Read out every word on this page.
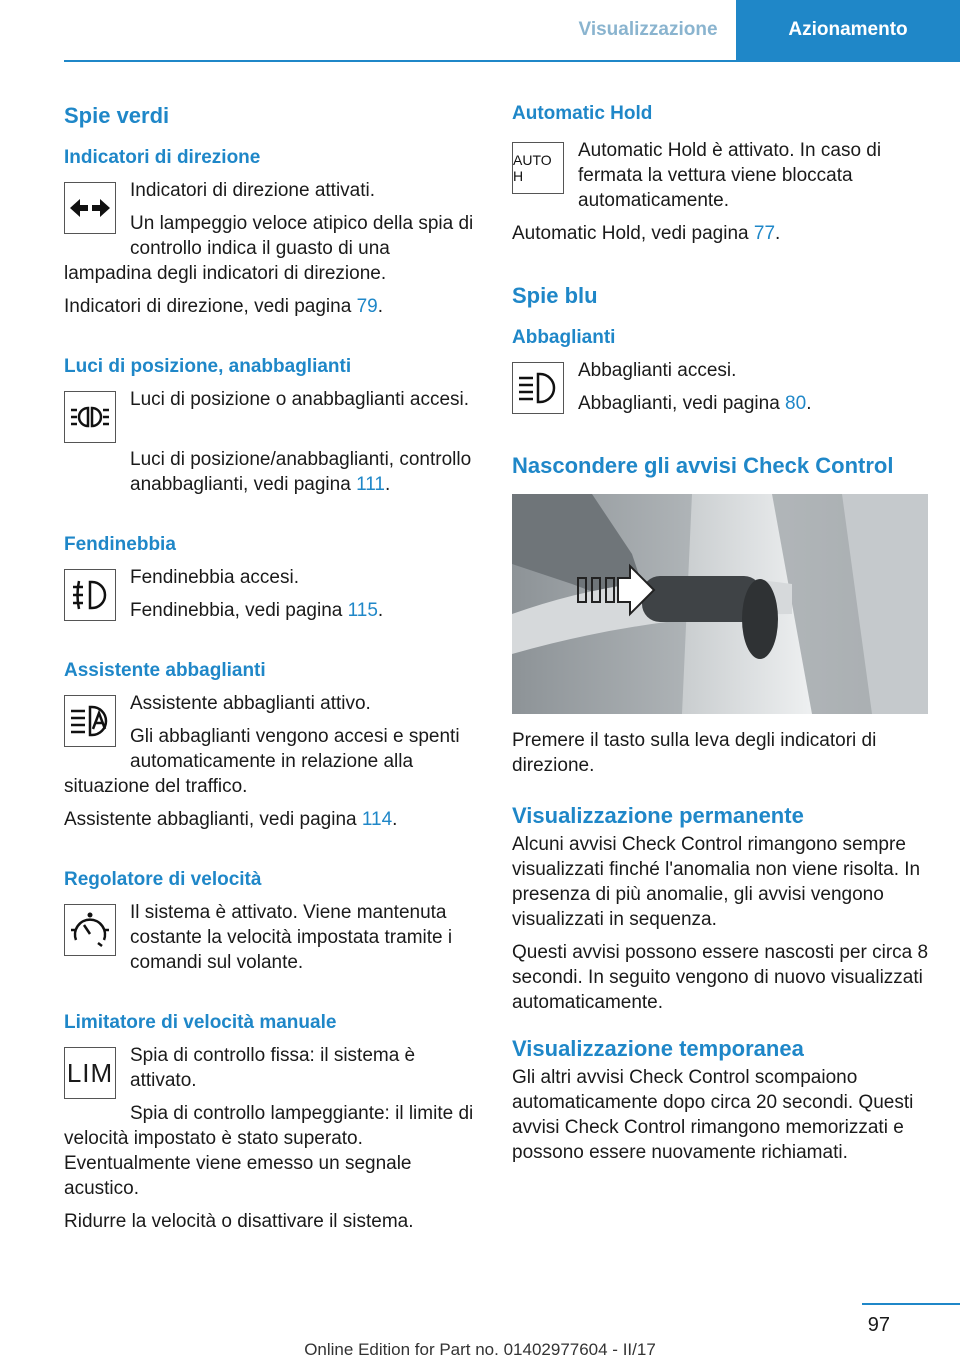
Visualizzazione	Azionamento
Spie verdi
Indicatori di direzione

Indicatori di direzione attivati.

Un lampeggio veloce atipico della spia di controllo indica il guasto di una lampadina degli indicatori di direzione.

Indicatori di direzione, vedi pagina 79.

Luci di posizione, anabbaglianti

Luci di posizione o anabbaglianti accesi.

Luci di posizione/anabbaglianti, controllo anabbaglianti, vedi pagina 111.

Fendinebbia

Fendinebbia accesi.

Fendinebbia, vedi pagina 115.

Assistente abbaglianti

Assistente abbaglianti attivo.

Gli abbaglianti vengono accesi e spenti automaticamente in relazione alla situazione del traffico.

Assistente abbaglianti, vedi pagina 114.

Regolatore di velocità

Il sistema è attivato. Viene mantenuta costante la velocità impostata tramite i comandi sul volante.

Limitatore di velocità manuale
LIM

Spia di controllo fissa: il sistema è attivato.

Spia di controllo lampeggiante: il limite di velocità impostato è stato superato. Eventualmente viene emesso un segnale acustico.

Ridurre la velocità o disattivare il sistema.

Automatic Hold
AUTO H

Automatic Hold è attivato. In caso di fermata la vettura viene bloccata automaticamente.

Automatic Hold, vedi pagina 77.

Spie blu
Abbaglianti

Abbaglianti accesi.

Abbaglianti, vedi pagina 80.

Nascondere gli avvisi Check Control

Premere il tasto sulla leva degli indicatori di direzione.

Visualizzazione permanente

Alcuni avvisi Check Control rimangono sempre visualizzati finché l'anomalia non viene risolta. In presenza di più anomalie, gli avvisi vengono visualizzati in sequenza.

Questi avvisi possono essere nascosti per circa 8 secondi. In seguito vengono di nuovo visualizzati automaticamente.

Visualizzazione temporanea

Gli altri avvisi Check Control scompaiono automaticamente dopo circa 20 secondi. Questi avvisi Check Control rimangono memorizzati e possono essere nuovamente richiamati.

97
Online Edition for Part no. 01402977604 - II/17
